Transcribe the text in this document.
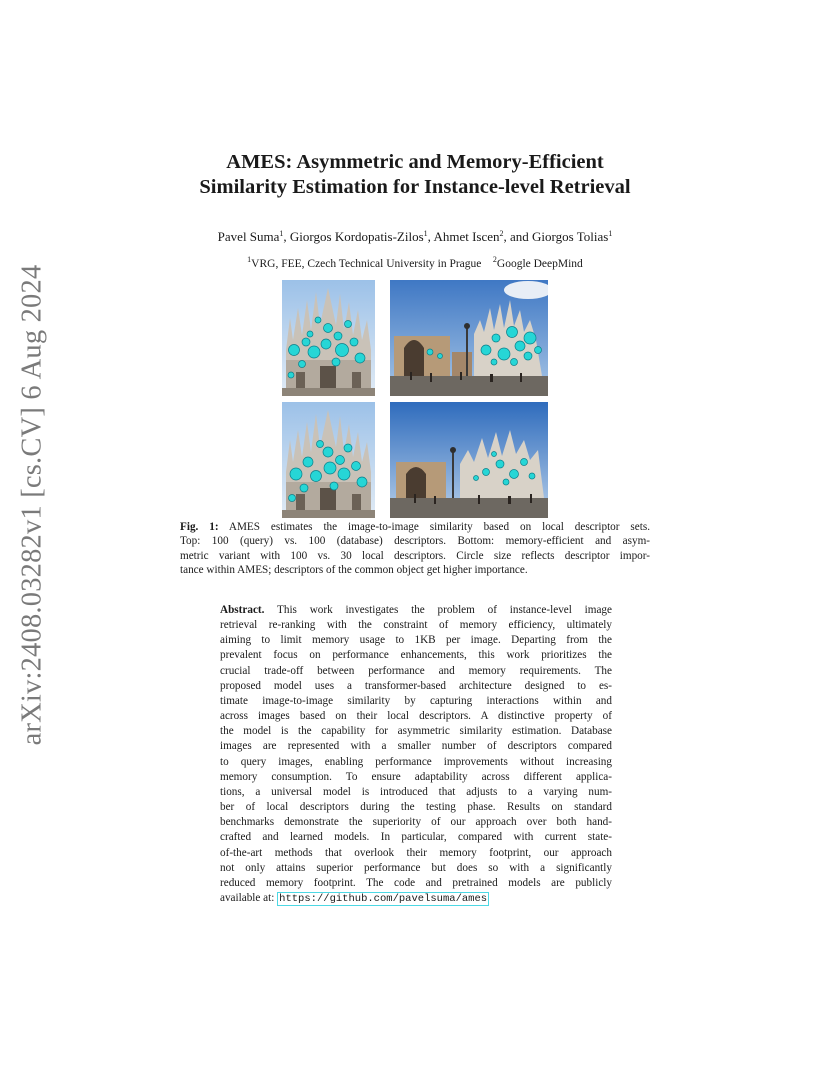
arXiv:2408.03282v1 [cs.CV] 6 Aug 2024
AMES: Asymmetric and Memory-Efficient
Similarity Estimation for Instance-level Retrieval
Pavel Suma$^1$, Giorgos Kordopatis-Zilos$^1$, Ahmet Iscen$^2$, and Giorgos Tolias$^1$
$^1$VRG, FEE, Czech Technical University in Prague $^2$Google DeepMind
Fig. 1: AMES estimates the image-to-image similarity based on local descriptor sets.
Top: 100 (query) vs. 100 (database) descriptors. Bottom: memory-efficient and asym-
metric variant with 100 vs. 30 local descriptors. Circle size reflects descriptor impor-
tance within AMES; descriptors of the common object get higher importance.
Abstract. This work investigates the problem of instance-level image
retrieval re-ranking with the constraint of memory efficiency, ultimately
aiming to limit memory usage to 1KB per image. Departing from the
prevalent focus on performance enhancements, this work prioritizes the
crucial trade-off between performance and memory requirements. The
proposed model uses a transformer-based architecture designed to es-
timate image-to-image similarity by capturing interactions within and
across images based on their local descriptors. A distinctive property of
the model is the capability for asymmetric similarity estimation. Database
images are represented with a smaller number of descriptors compared
to query images, enabling performance improvements without increasing
memory consumption. To ensure adaptability across different applica-
tions, a universal model is introduced that adjusts to a varying num-
ber of local descriptors during the testing phase. Results on standard
benchmarks demonstrate the superiority of our approach over both hand-
crafted and learned models. In particular, compared with current state-
of-the-art methods that overlook their memory footprint, our approach
not only attains superior performance but does so with a significantly
reduced memory footprint. The code and pretrained models are publicly
available at: https://github.com/pavelsuma/ames
